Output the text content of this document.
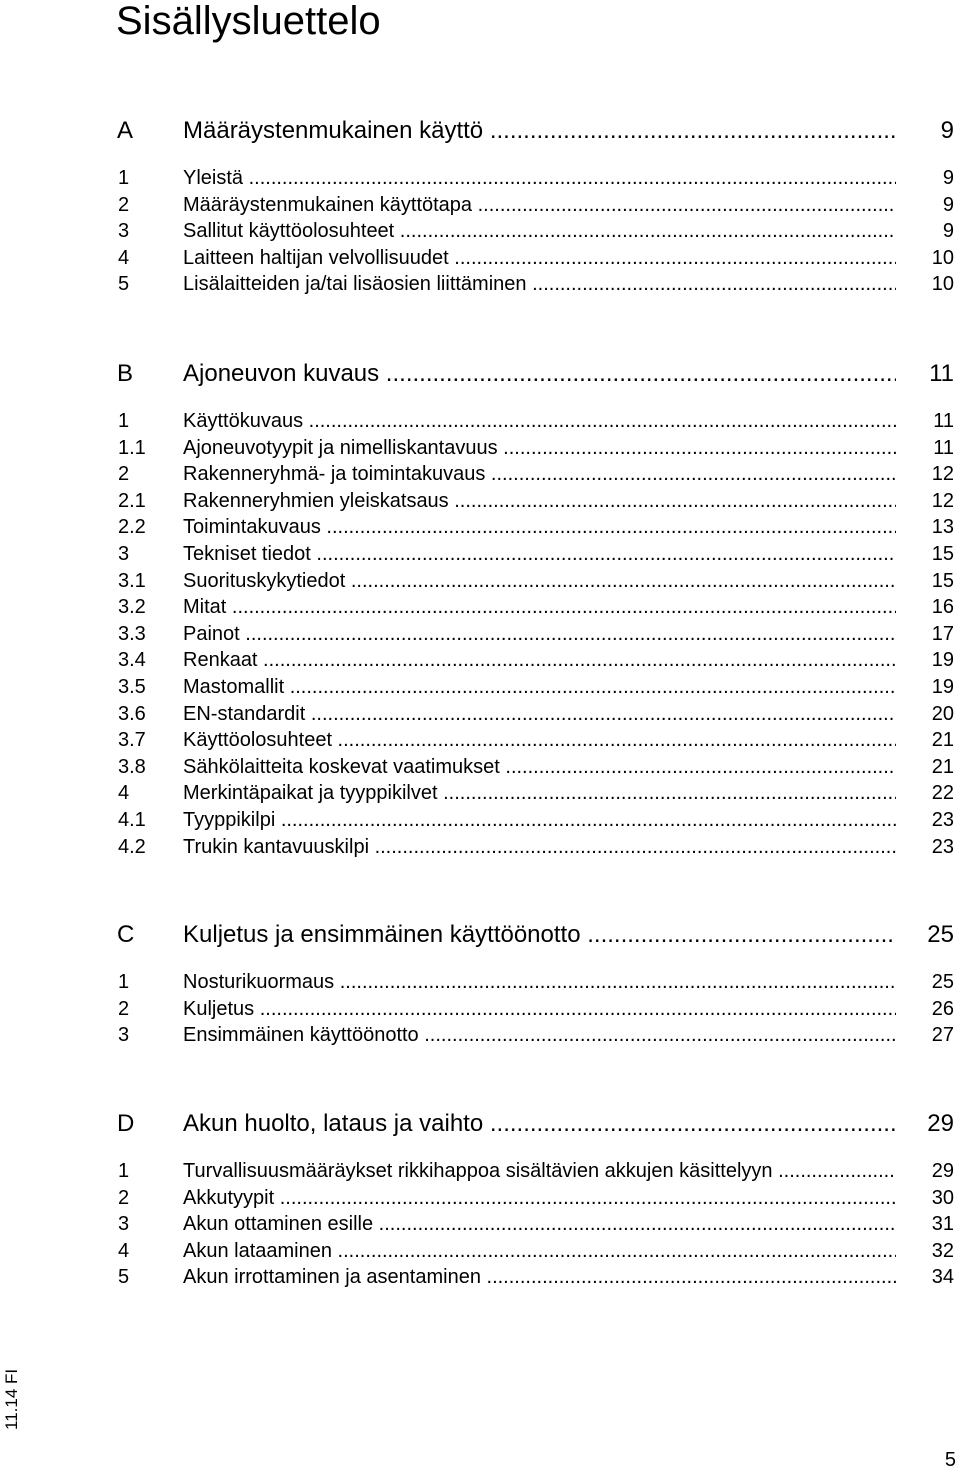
Sisällysluettelo
A Määräystenmukainen käyttö .....	9
1	Yleistä .....	9
2	Määräystenmukainen käyttötapa .....	9
3	Sallitut käyttöolosuhteet .....	9
4	Laitteen haltijan velvollisuudet .....	10
5	Lisälaitteiden ja/tai lisäosien liittäminen .....	10
B Ajoneuvon kuvaus .....	11
1	Käyttökuvaus .....	11
1.1 Ajoneuvotyypit ja nimelliskantavuus .....	11
2	Rakenneryhmä- ja toimintakuvaus .....	12
2.1 Rakenneryhmien yleiskatsaus .....	12
2.2 Toimintakuvaus .....	13
3	Tekniset tiedot .....	15
3.1 Suorituskykytiedot .....	15
3.2 Mitat .....	16
3.3 Painot .....	17
3.4 Renkaat .....	19
3.5 Mastomallit .....	19
3.6 EN-standardit .....	20
3.7 Käyttöolosuhteet .....	21
3.8 Sähkölaitteita koskevat vaatimukset .....	21
4	Merkintäpaikat ja tyyppikilvet .....	22
4.1 Tyyppikilpi .....	23
4.2 Trukin kantavuuskilpi .....	23
C Kuljetus ja ensimmäinen käyttöönotto .....	25
1	Nosturikuormaus .....	25
2	Kuljetus .....	26
3	Ensimmäinen käyttöönotto .....	27
D Akun huolto, lataus ja vaihto .....	29
1	Turvallisuusmääräykset rikkihappoa sisältävien akkujen käsittelyyn .....	29
2	Akkutyypit .....	30
3	Akun ottaminen esille .....	31
4	Akun lataaminen .....	32
5	Akun irrottaminen ja asentaminen .....	34
11.14 FI
5
